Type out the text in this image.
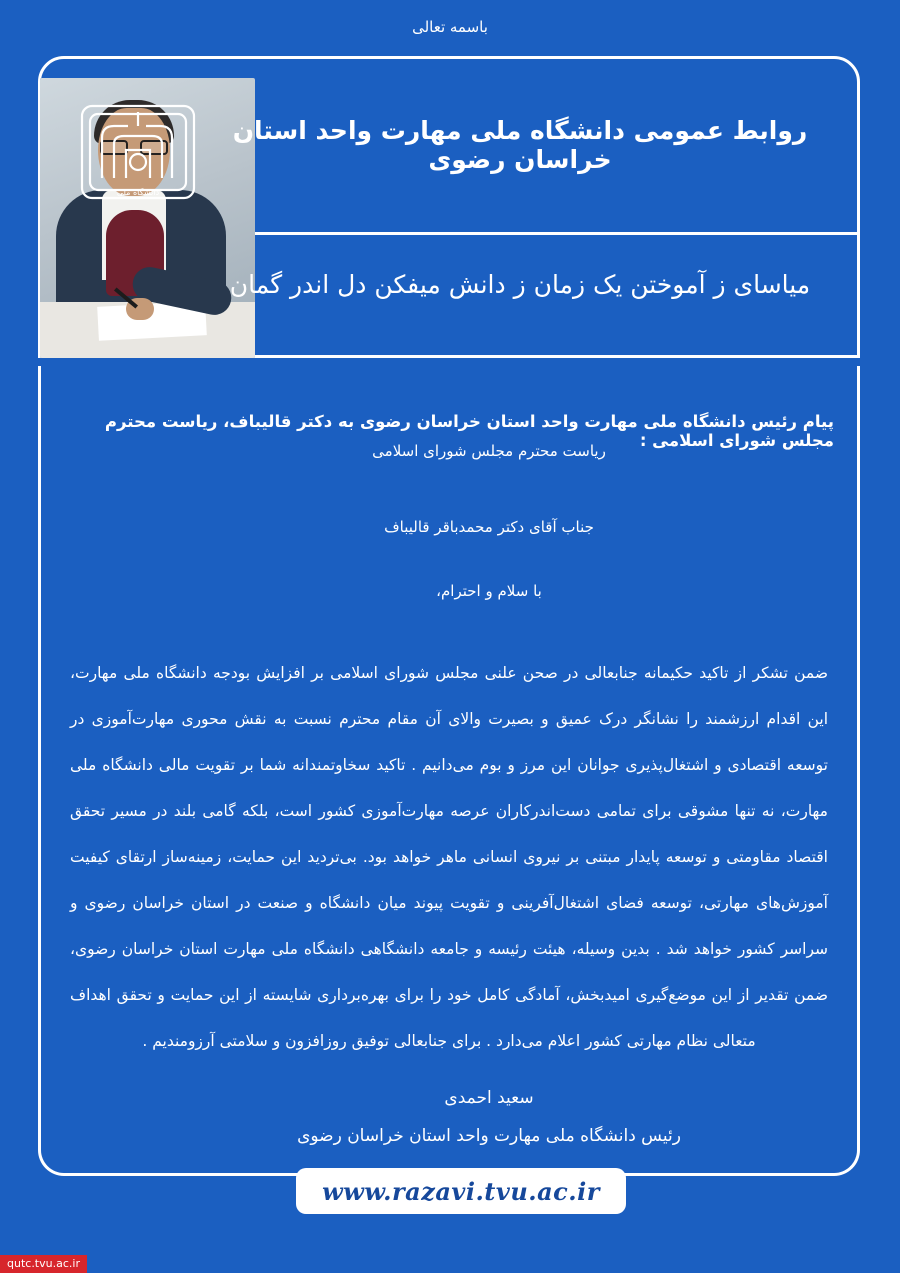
باسمه تعالی
دانشگاه ملی
روابط عمومی دانشگاه ملی مهارت واحد استان خراسان رضوی
میاسای ز آموختن یک زمان ز دانش میفکن دل اندر گمان
پیام رئیس دانشگاه ملی مهارت واحد استان خراسان رضوی به دکتر قالیباف، ریاست محترم مجلس شورای اسلامی :
ریاست محترم مجلس شورای اسلامی
جناب آقای دکتر محمدباقر قالیباف
با سلام و احترام،
ضمن تشکر از تاکید حکیمانه جنابعالی در صحن علنی مجلس شورای اسلامی بر افزایش بودجه دانشگاه ملی مهارت، این اقدام ارزشمند را نشانگر درک عمیق و بصیرت والای آن مقام محترم نسبت به نقش محوری مهارت‌آموزی در توسعه اقتصادی و اشتغال‌پذیری جوانان این مرز و بوم می‌دانیم . تاکید سخاوتمندانه شما بر تقویت مالی دانشگاه ملی مهارت، نه تنها مشوقی برای تمامی دست‌اندرکاران عرصه مهارت‌آموزی کشور است، بلکه گامی بلند در مسیر تحقق اقتصاد مقاومتی و توسعه پایدار مبتنی بر نیروی انسانی ماهر خواهد بود. بی‌تردید این حمایت، زمینه‌ساز ارتقای کیفیت آموزش‌های مهارتی، توسعه فضای اشتغال‌آفرینی و تقویت پیوند میان دانشگاه و صنعت در استان خراسان رضوی و سراسر کشور خواهد شد . بدین وسیله، هیئت رئیسه و جامعه دانشگاهی دانشگاه ملی مهارت استان خراسان رضوی، ضمن تقدیر از این موضع‌گیری امیدبخش، آمادگی کامل خود را برای بهره‌برداری شایسته از این حمایت و تحقق اهداف متعالی نظام مهارتی کشور اعلام می‌دارد . برای جنابعالی توفیق روزافزون و سلامتی آرزومندیم .
سعید احمدی
رئیس دانشگاه ملی مهارت واحد استان خراسان رضوی
www.razavi.tvu.ac.ir
qutc.tvu.ac.ir
